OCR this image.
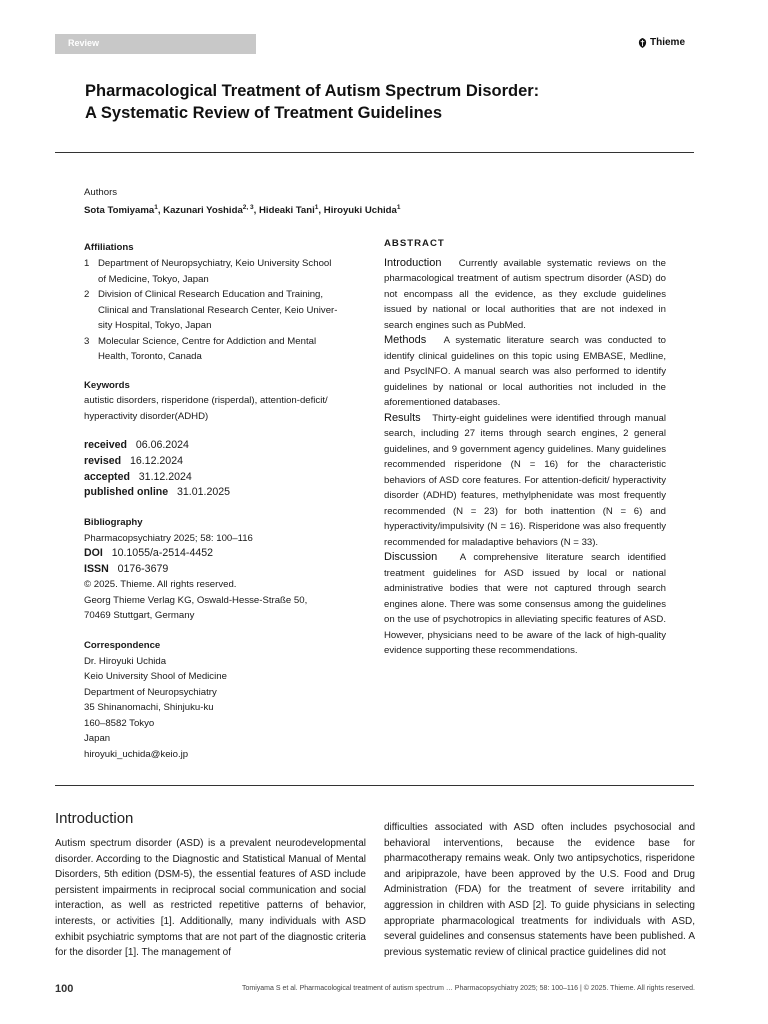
Review	Thieme
Pharmacological Treatment of Autism Spectrum Disorder:
A Systematic Review of Treatment Guidelines
Authors
Sota Tomiyama$^1$, Kazunari Yoshida$^{2, 3}$, Hideaki Tani$^1$, Hiroyuki Uchida$^1$
Affiliations
1 Department of Neuropsychiatry, Keio University School
of Medicine, Tokyo, Japan
2 Division of Clinical Research Education and Training,
Clinical and Translational Research Center, Keio Univer-
sity Hospital, Tokyo, Japan
3 Molecular Science, Centre for Addiction and Mental
Health, Toronto, Canada
Keywords
autistic disorders, risperidone (risperdal), attention-deficit/
hyperactivity disorder(ADHD)
received 06.06.2024
revised 16.12.2024
accepted 31.12.2024
published online 31.01.2025
Bibliography
Pharmacopsychiatry 2025; 58: 100–116
DOI 10.1055/a-2514-4452
ISSN 0176-3679
© 2025. Thieme. All rights reserved.
Georg Thieme Verlag KG, Oswald-Hesse-Straße 50,
70469 Stuttgart, Germany
Correspondence
Dr. Hiroyuki Uchida
Keio University Shool of Medicine
Department of Neuropsychiatry
35 Shinanomachi, Shinjuku-ku
160–8582 Tokyo
Japan
hiroyuki_uchida@keio.jp
ABSTRACT

Introduction Currently available systematic reviews on the pharmacological treatment of autism spectrum disorder (ASD) do not encompass all the evidence, as they exclude guidelines issued by national or local authorities that are not indexed in search engines such as PubMed.

Methods A systematic literature search was conducted to identify clinical guidelines on this topic using EMBASE, Medline, and PsycINFO. A manual search was also performed to identify guidelines by national or local authorities not included in the aforementioned databases.

Results Thirty-eight guidelines were identified through manual search, including 27 items through search engines, 2 general guidelines, and 9 government agency guidelines. Many guidelines recommended risperidone (N = 16) for the characteristic behaviors of ASD core features. For attention-deficit/ hyperactivity disorder (ADHD) features, methylphenidate was most frequently recommended (N = 23) for both inattention (N = 6) and hyperactivity/impulsivity (N = 16). Risperidone was also frequently recommended for maladaptive behaviors (N = 33).

Discussion A comprehensive literature search identified treatment guidelines for ASD issued by local or national administrative bodies that were not captured through search engines alone. There was some consensus among the guidelines on the use of psychotropics in alleviating specific features of ASD. However, physicians need to be aware of the lack of high-quality evidence supporting these recommendations.

Introduction
Autism spectrum disorder (ASD) is a prevalent neurodevelopmental disorder. According to the Diagnostic and Statistical Manual of Mental Disorders, 5th edition (DSM-5), the essential features of ASD include persistent impairments in reciprocal social communication and social interaction, as well as restricted repetitive patterns of behavior, interests, or activities [1]. Additionally, many individuals with ASD exhibit psychiatric symptoms that are not part of the diagnostic criteria for the disorder [1]. The management of
difficulties associated with ASD often includes psychosocial and behavioral interventions, because the evidence base for pharmacotherapy remains weak. Only two antipsychotics, risperidone and aripiprazole, have been approved by the U.S. Food and Drug Administration (FDA) for the treatment of severe irritability and aggression in children with ASD [2]. To guide physicians in selecting appropriate pharmacological treatments for individuals with ASD, several guidelines and consensus statements have been published. A previous systematic review of clinical practice guidelines did not
100	Tomiyama S et al. Pharmacological treatment of autism spectrum … Pharmacopsychiatry 2025; 58: 100–116 | © 2025. Thieme. All rights reserved.
